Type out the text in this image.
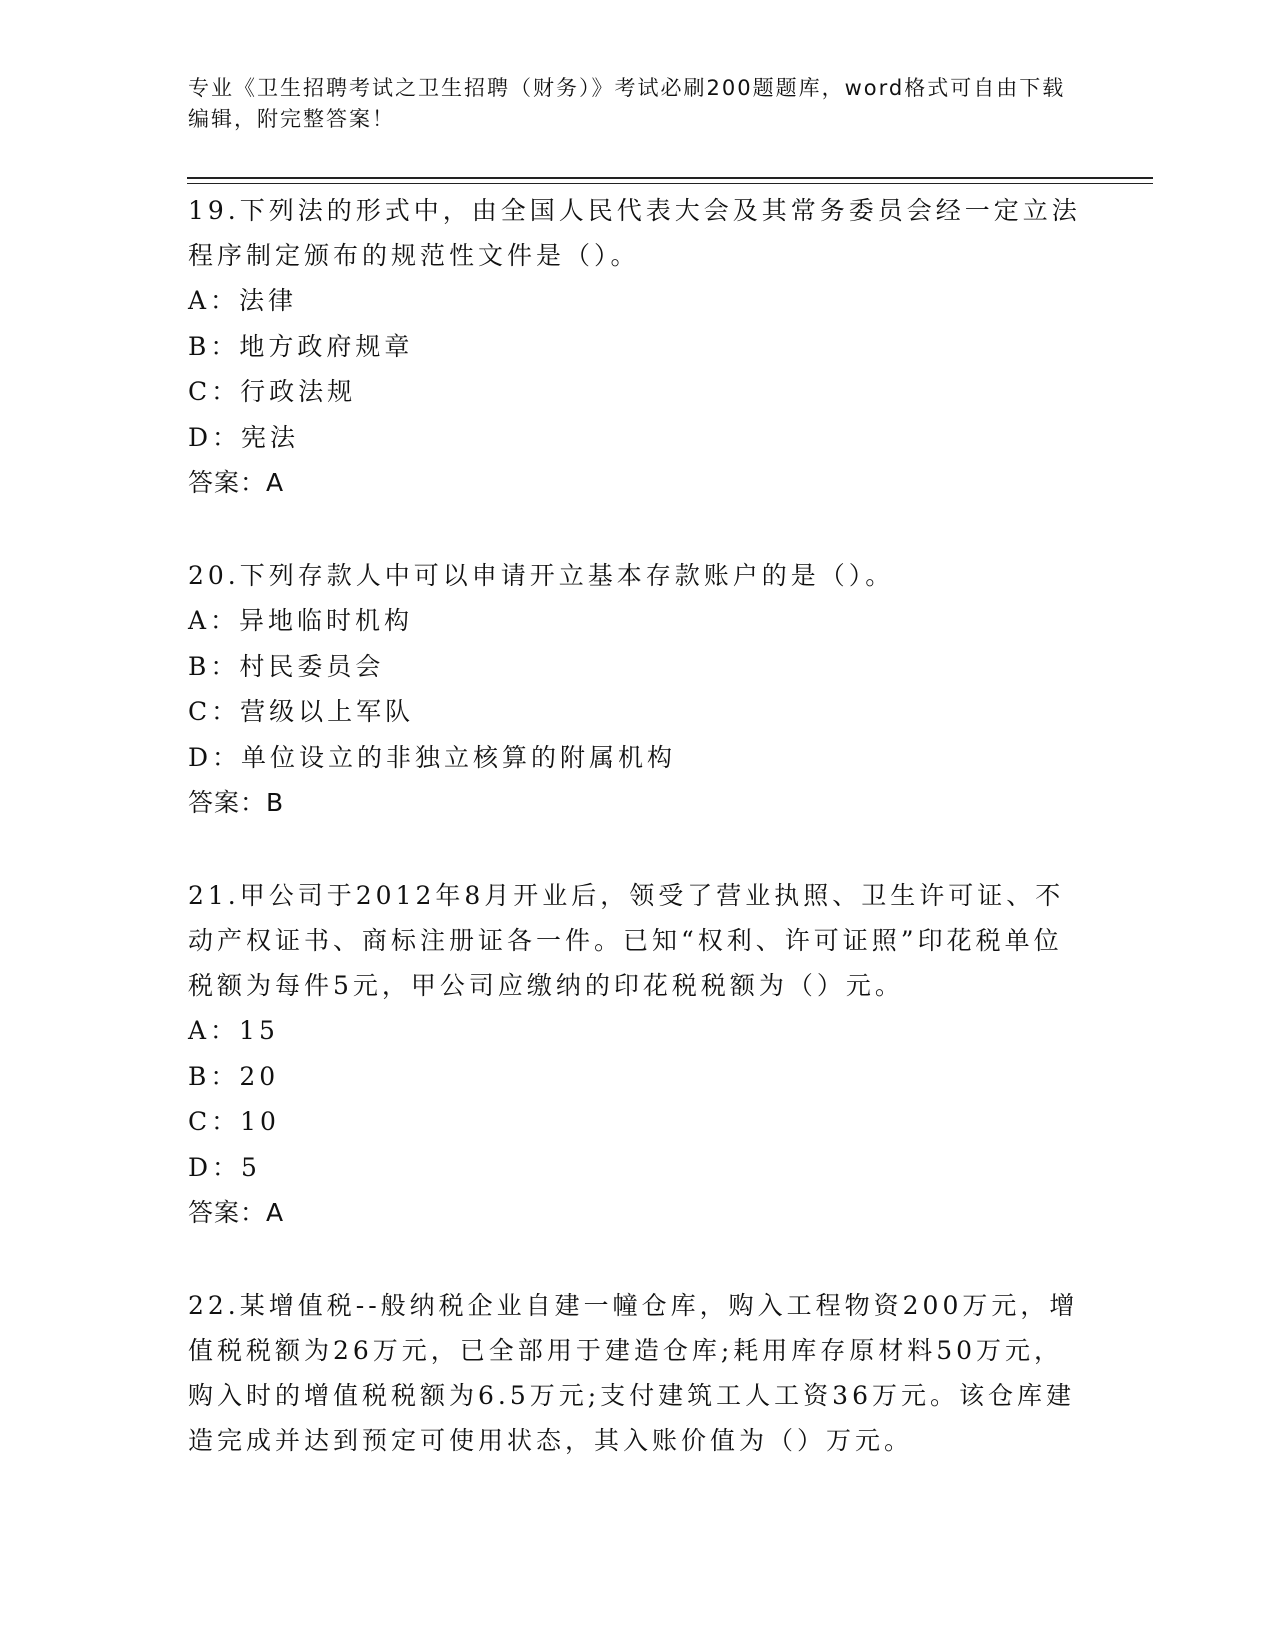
专业《卫生招聘考试之卫生招聘（财务）》考试必刷200题题库，word格式可自由下载编辑，附完整答案！

19.下列法的形式中，由全国人民代表大会及其常务委员会经一定立法程序制定颁布的规范性文件是（）。

A：法律

B：地方政府规章

C：行政法规

D：宪法

答案：A

20.下列存款人中可以申请开立基本存款账户的是（）。

A：异地临时机构

B：村民委员会

C：营级以上军队

D：单位设立的非独立核算的附属机构

答案：B

21.甲公司于2012年8月开业后，领受了营业执照、卫生许可证、不动产权证书、商标注册证各一件。已知“权利、许可证照”印花税单位税额为每件5元，甲公司应缴纳的印花税税额为（）元。

A：15

B：20

C：10

D：5

答案：A

22.某增值税--般纳税企业自建一幢仓库，购入工程物资200万元，增值税税额为26万元，已全部用于建造仓库;耗用库存原材料50万元，购入时的增值税税额为6.5万元;支付建筑工人工资36万元。该仓库建造完成并达到预定可使用状态，其入账价值为（）万元。
